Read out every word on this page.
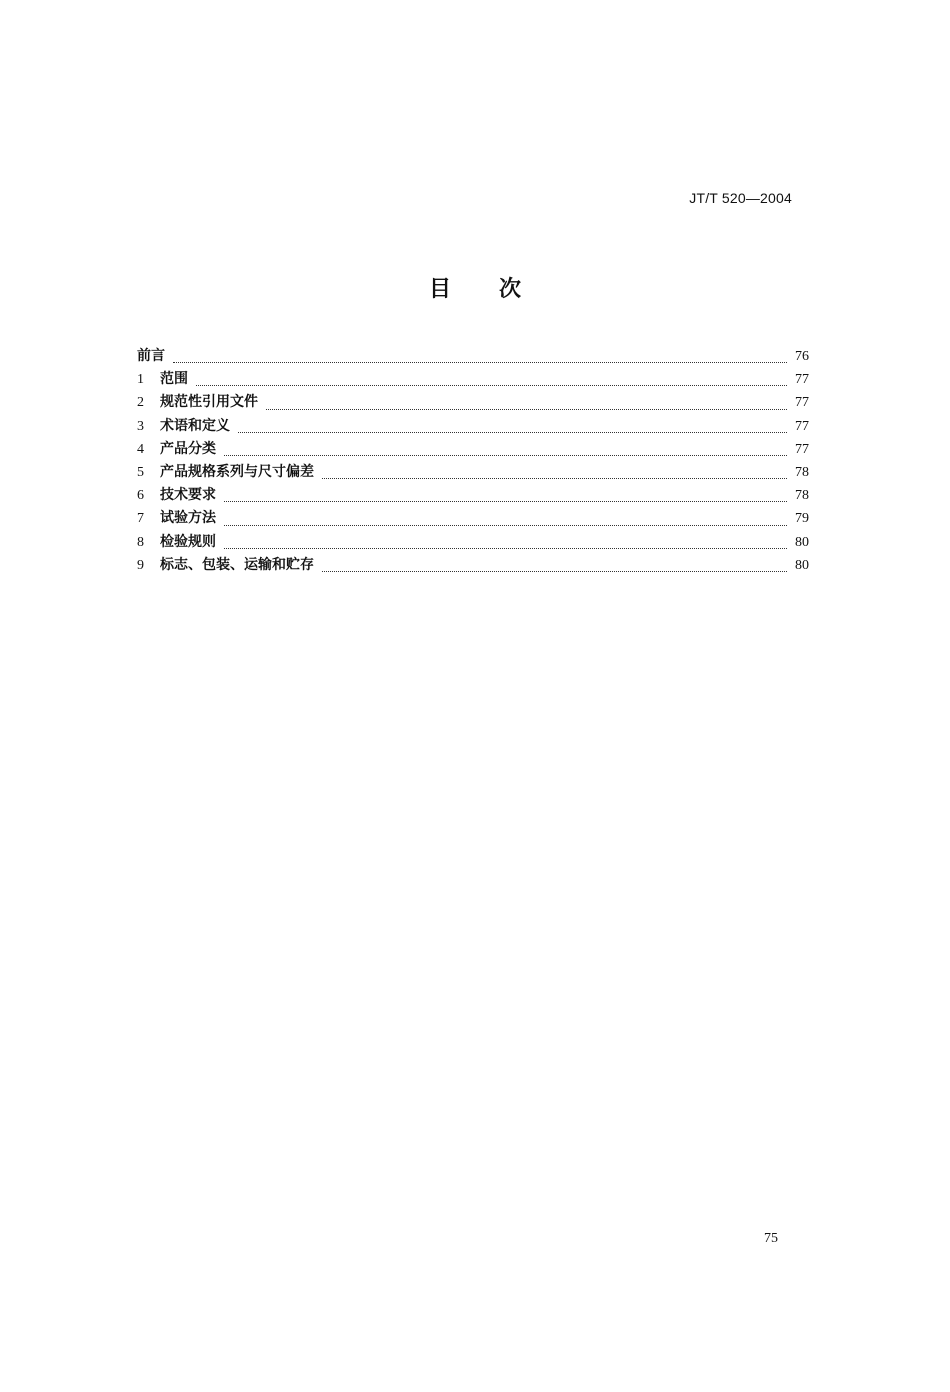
JT/T 520—2004
目次
前言	76
1	范围	77
2	规范性引用文件	77
3	术语和定义	77
4	产品分类	77
5	产品规格系列与尺寸偏差	78
6	技术要求	78
7	试验方法	79
8	检验规则	80
9	标志、包装、运输和贮存	80
75
